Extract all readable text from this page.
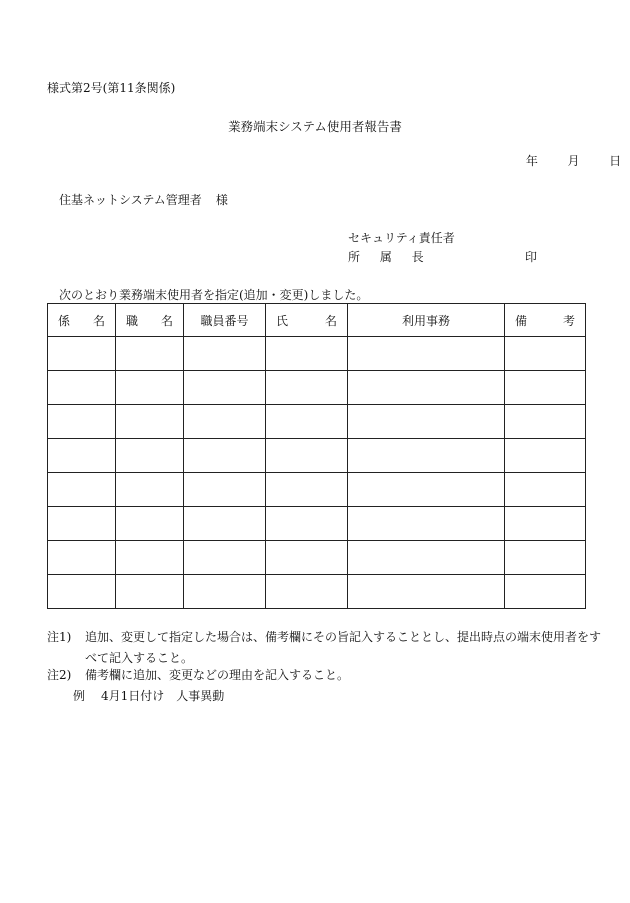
様式第2号(第11条関係)
業務端末システム使用者報告書
年 月 日
住基ネットシステム管理者 様
セキュリティ責任者
所 属 長	印
次のとおり業務端末使用者を指定(追加・変更)しました。
係 名	職 名	職員番号	氏 名	利用事務	備 考

注1) 追加、変更して指定した場合は、備考欄にその旨記入することとし、提出時点の端末使用者をす
べて記入すること。
注2) 備考欄に追加、変更などの理由を記入すること。
例 4月1日付け 人事異動
